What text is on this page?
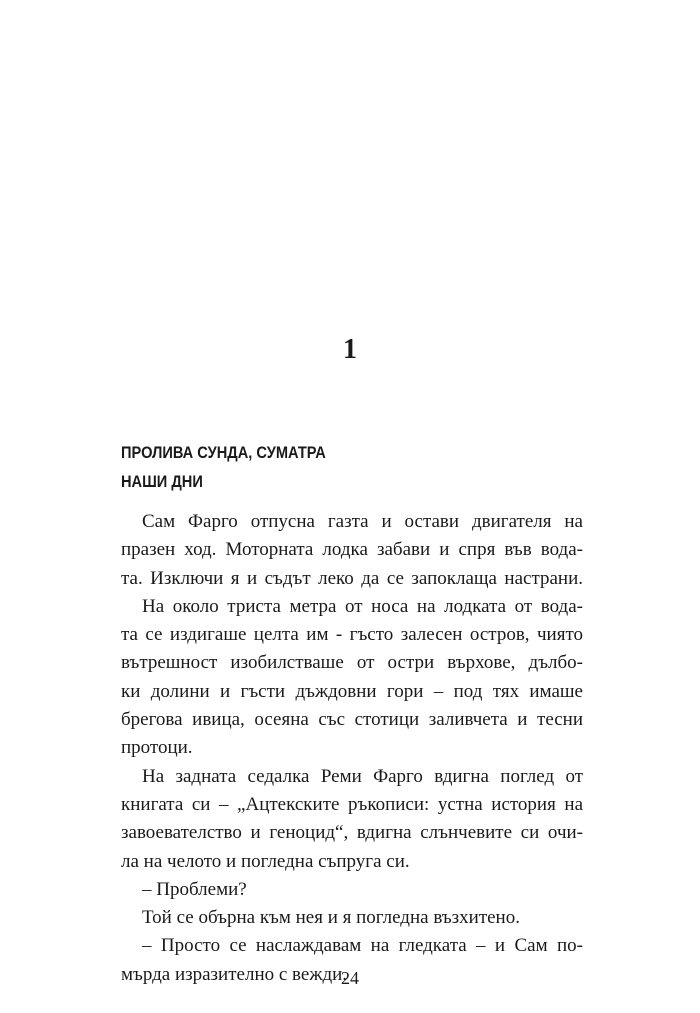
1
ПРОЛИВА СУНДА, СУМАТРА
НАШИ ДНИ
Сам Фарго отпусна газта и остави двигателя на
празен ход. Моторната лодка забави и спря във вода-
та. Изключи я и съдът леко да се запоклаща настрани.
На около триста метра от носа на лодката от вода-
та се издигаше целта им - гъсто залесен остров, чиято
вътрешност изобилстваше от остри върхове, дълбо-
ки долини и гъсти дъждовни гори – под тях имаше
брегова ивица, осеяна със стотици заливчета и тесни
протоци.
На задната седалка Реми Фарго вдигна поглед от
книгата си – „Ацтекските ръкописи: устна история на
завоевателство и геноцид“, вдигна слънчевите си очи-
ла на челото и погледна съпруга си.
– Проблеми?
Той се обърна към нея и я погледна възхитено.
– Просто се наслаждавам на гледката – и Сам по-
мърда изразително с вежди.
24
